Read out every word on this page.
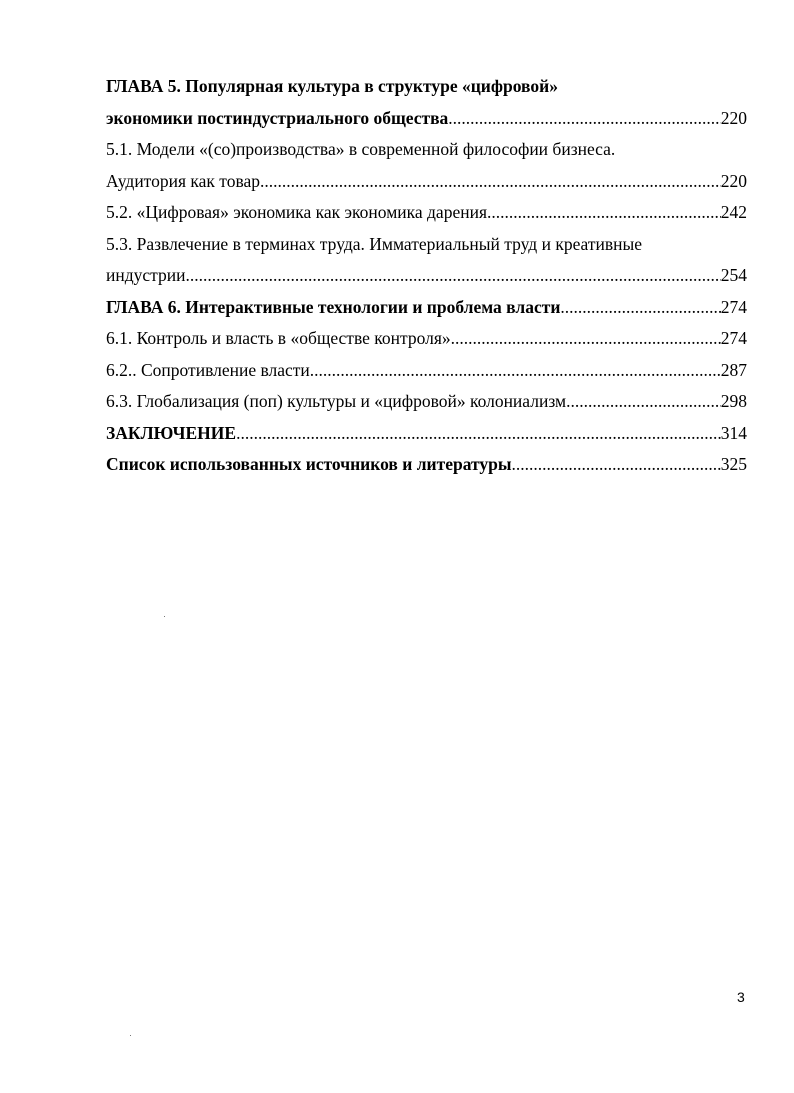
ГЛАВА 5. Популярная культура в структуре «цифровой»
экономики постиндустриального общества .....	220
5.1. Модели «(со)производства» в современной философии бизнеса.
Аудитория как товар .....	220
5.2. «Цифровая» экономика как экономика дарения .....	242
5.3. Развлечение в терминах труда. Имматериальный труд и креативные
индустрии .....	254
ГЛАВА 6. Интерактивные технологии и проблема власти .....	274
6.1. Контроль и власть в «обществе контроля» .....	274
6.2.. Сопротивление власти .....	287
6.3. Глобализация (поп) культуры и «цифровой» колониализм .....	298
ЗАКЛЮЧЕНИЕ .....	314
Список использованных источников и литературы .....	325
3
